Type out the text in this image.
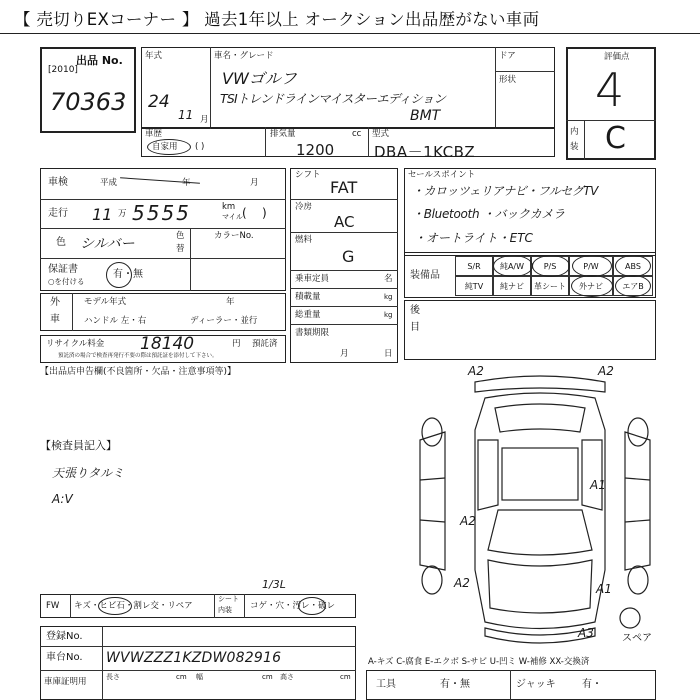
【 売切りEXコーナー 】 過去1年以上 オークション出品歴がない車両
出品 No.
[2010]
70363
年式
24
11 月
車名・グレード
VWゴルフ
TSIトレンドラインマイスターエディション
BMT
ドア
形状
評価点
4
内
装 C
車歴
自家用 ( )
排気量	cc
1200
型式
DBA－1KCBZ
車検	平成	年	月
走行 11 万 5555	km
マイル (    )
色 シルバー	色
替
カラーNo.
保証書
○を付ける
有・無
外
車
モデル年式	年
ハンドル 左・右	ディーラー・並行
リサイクル料金 18140	円 預託済
預託済の場合で検査再発行不要の際は預託証を添付して下さい。
シフト
FAT
冷房
AC
燃料
G
乗車定員	名
積載量	kg
総重量	kg
書類期限
月	日
セールスポイント
・カロッツェリアナビ・フルセグTV
・Bluetooth ・バックカメラ
・オートライト・ETC
装備品
S/R	純A/W	P/S	P/W	ABS
純TV	純ナビ	革シート	外ナビ	エアB
後
目
【出品店申告欄(不良箇所・欠品・注意事項等)】
【検査員記入】
天張りタルミ
A:V
A2	A2
A1
A2
A2	A1
A3	スペア
FW キズ・ヒビ石・割レ交・リペア
シート
内装 コゲ・穴・汚レ・破レ
1/3L
登録No.
車台No. WVWZZZ1KZDW082916
車庫証明用	長さ	cm 幅	cm 高さ	cm
A-キズ C-腐食 E-エクボ S-サビ U-凹ミ W-補修 XX-交換済
工具	有・無	ジャッキ	有・
